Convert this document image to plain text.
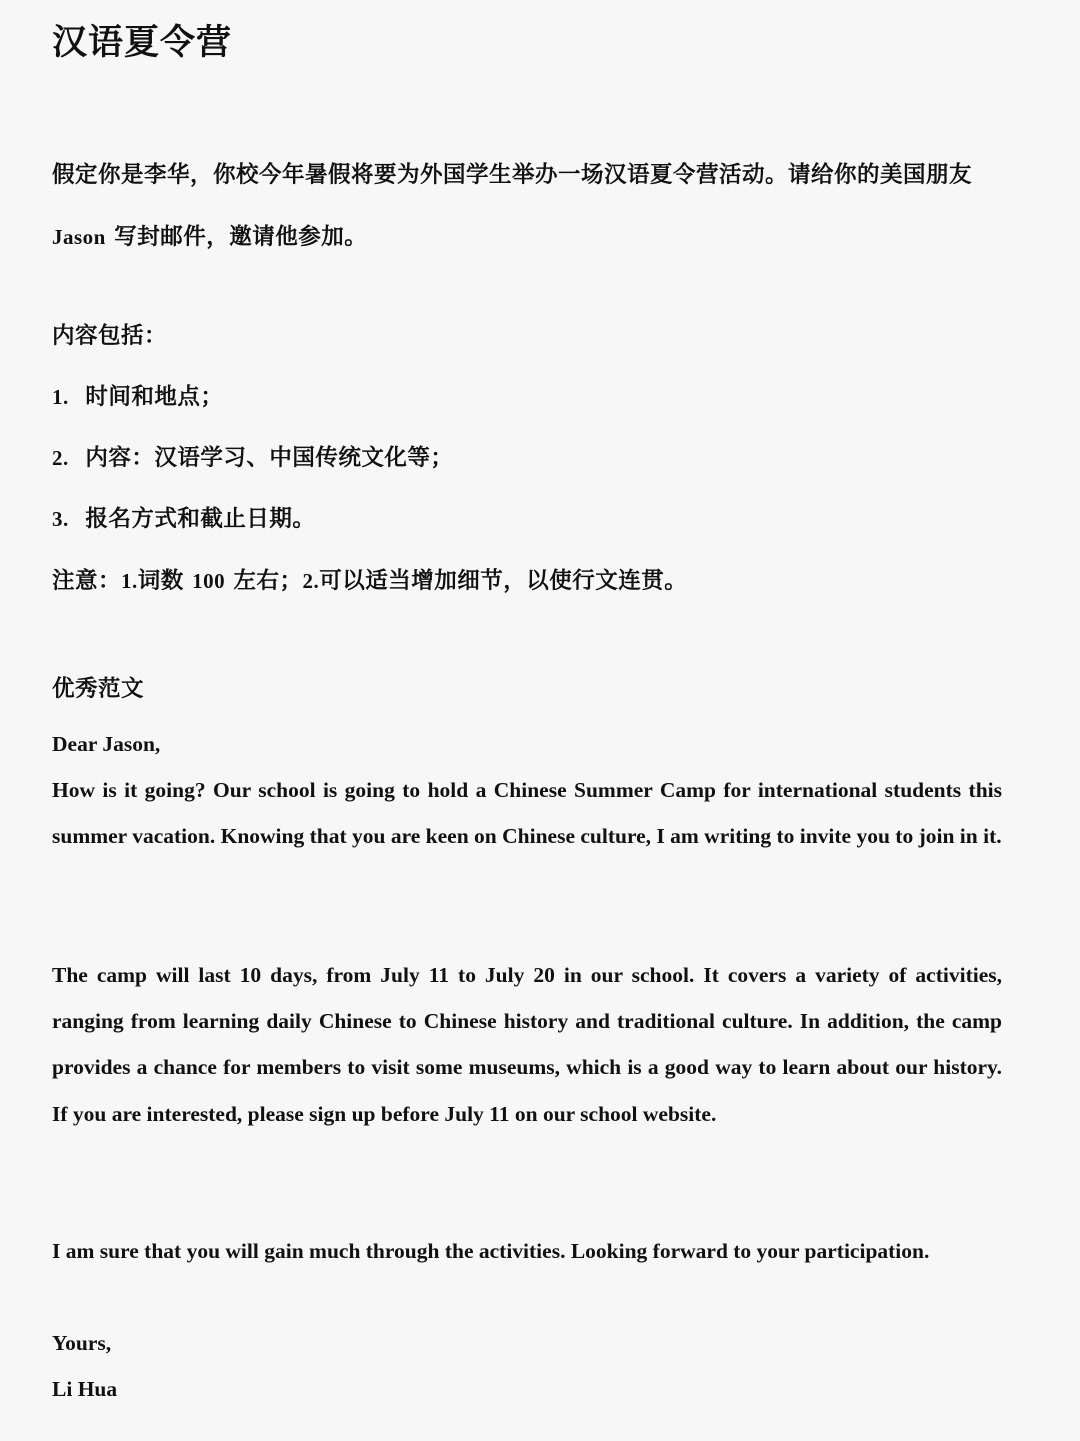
汉语夏令营
假定你是李华，你校今年暑假将要为外国学生举办一场汉语夏令营活动。请给你的美国朋友
Jason 写封邮件，邀请他参加。
内容包括：
1. 时间和地点；
2. 内容：汉语学习、中国传统文化等；
3. 报名方式和截止日期。
注意：1.词数 100 左右；2.可以适当增加细节，以使行文连贯。
优秀范文
Dear Jason,

How is it going? Our school is going to hold a Chinese Summer Camp for international students this summer vacation. Knowing that you are keen on Chinese culture, I am writing to invite you to join in it.

The camp will last 10 days, from July 11 to July 20 in our school. It covers a variety of activities, ranging from learning daily Chinese to Chinese history and traditional culture. In addition, the camp provides a chance for members to visit some museums, which is a good way to learn about our history. If you are interested, please sign up before July 11 on our school website.

I am sure that you will gain much through the activities. Looking forward to your participation.

Yours,
Li Hua
